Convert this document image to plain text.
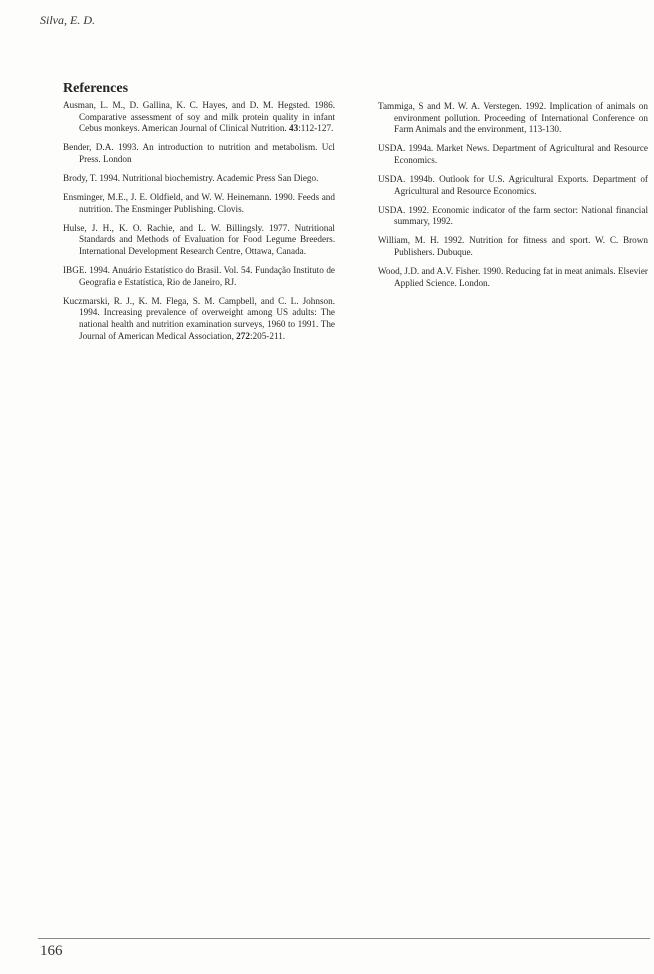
Silva, E. D.
References

Ausman, L. M., D. Gallina, K. C. Hayes, and D. M. Hegsted. 1986. Comparative assessment of soy and milk protein quality in infant Cebus monkeys. American Journal of Clinical Nutrition. 43:112-127.

Bender, D.A. 1993. An introduction to nutrition and metabolism. Ucl Press. London

Brody, T. 1994. Nutritional biochemistry. Academic Press San Diego.

Ensminger, M.E., J. E. Oldfield, and W. W. Heinemann. 1990. Feeds and nutrition. The Ensminger Publishing. Clovis.

Hulse, J. H., K. O. Rachie, and L. W. Billingsly. 1977. Nutritional Standards and Methods of Evaluation for Food Legume Breeders. International Development Research Centre, Ottawa, Canada.

IBGE. 1994. Anuário Estatístico do Brasil. Vol. 54. Fundação Instituto de Geografia e Estatística, Rio de Janeiro, RJ.

Kuczmarski, R. J., K. M. Flega, S. M. Campbell, and C. L. Johnson. 1994. Increasing prevalence of overweight among US adults: The national health and nutrition examination surveys, 1960 to 1991. The Journal of American Medical Association, 272:205-211.

Tammiga, S and M. W. A. Verstegen. 1992. Implication of animals on environment pollution. Proceeding of International Conference on Farm Animals and the environment, 113-130.

USDA. 1994a. Market News. Department of Agricultural and Resource Economics.

USDA. 1994b. Outlook for U.S. Agricultural Exports. Department of Agricultural and Resource Economics.

USDA. 1992. Economic indicator of the farm sector: National financial summary, 1992.

William, M. H. 1992. Nutrition for fitness and sport. W. C. Brown Publishers. Dubuque.

Wood, J.D. and A.V. Fisher. 1990. Reducing fat in meat animals. Elsevier Applied Science. London.

166
